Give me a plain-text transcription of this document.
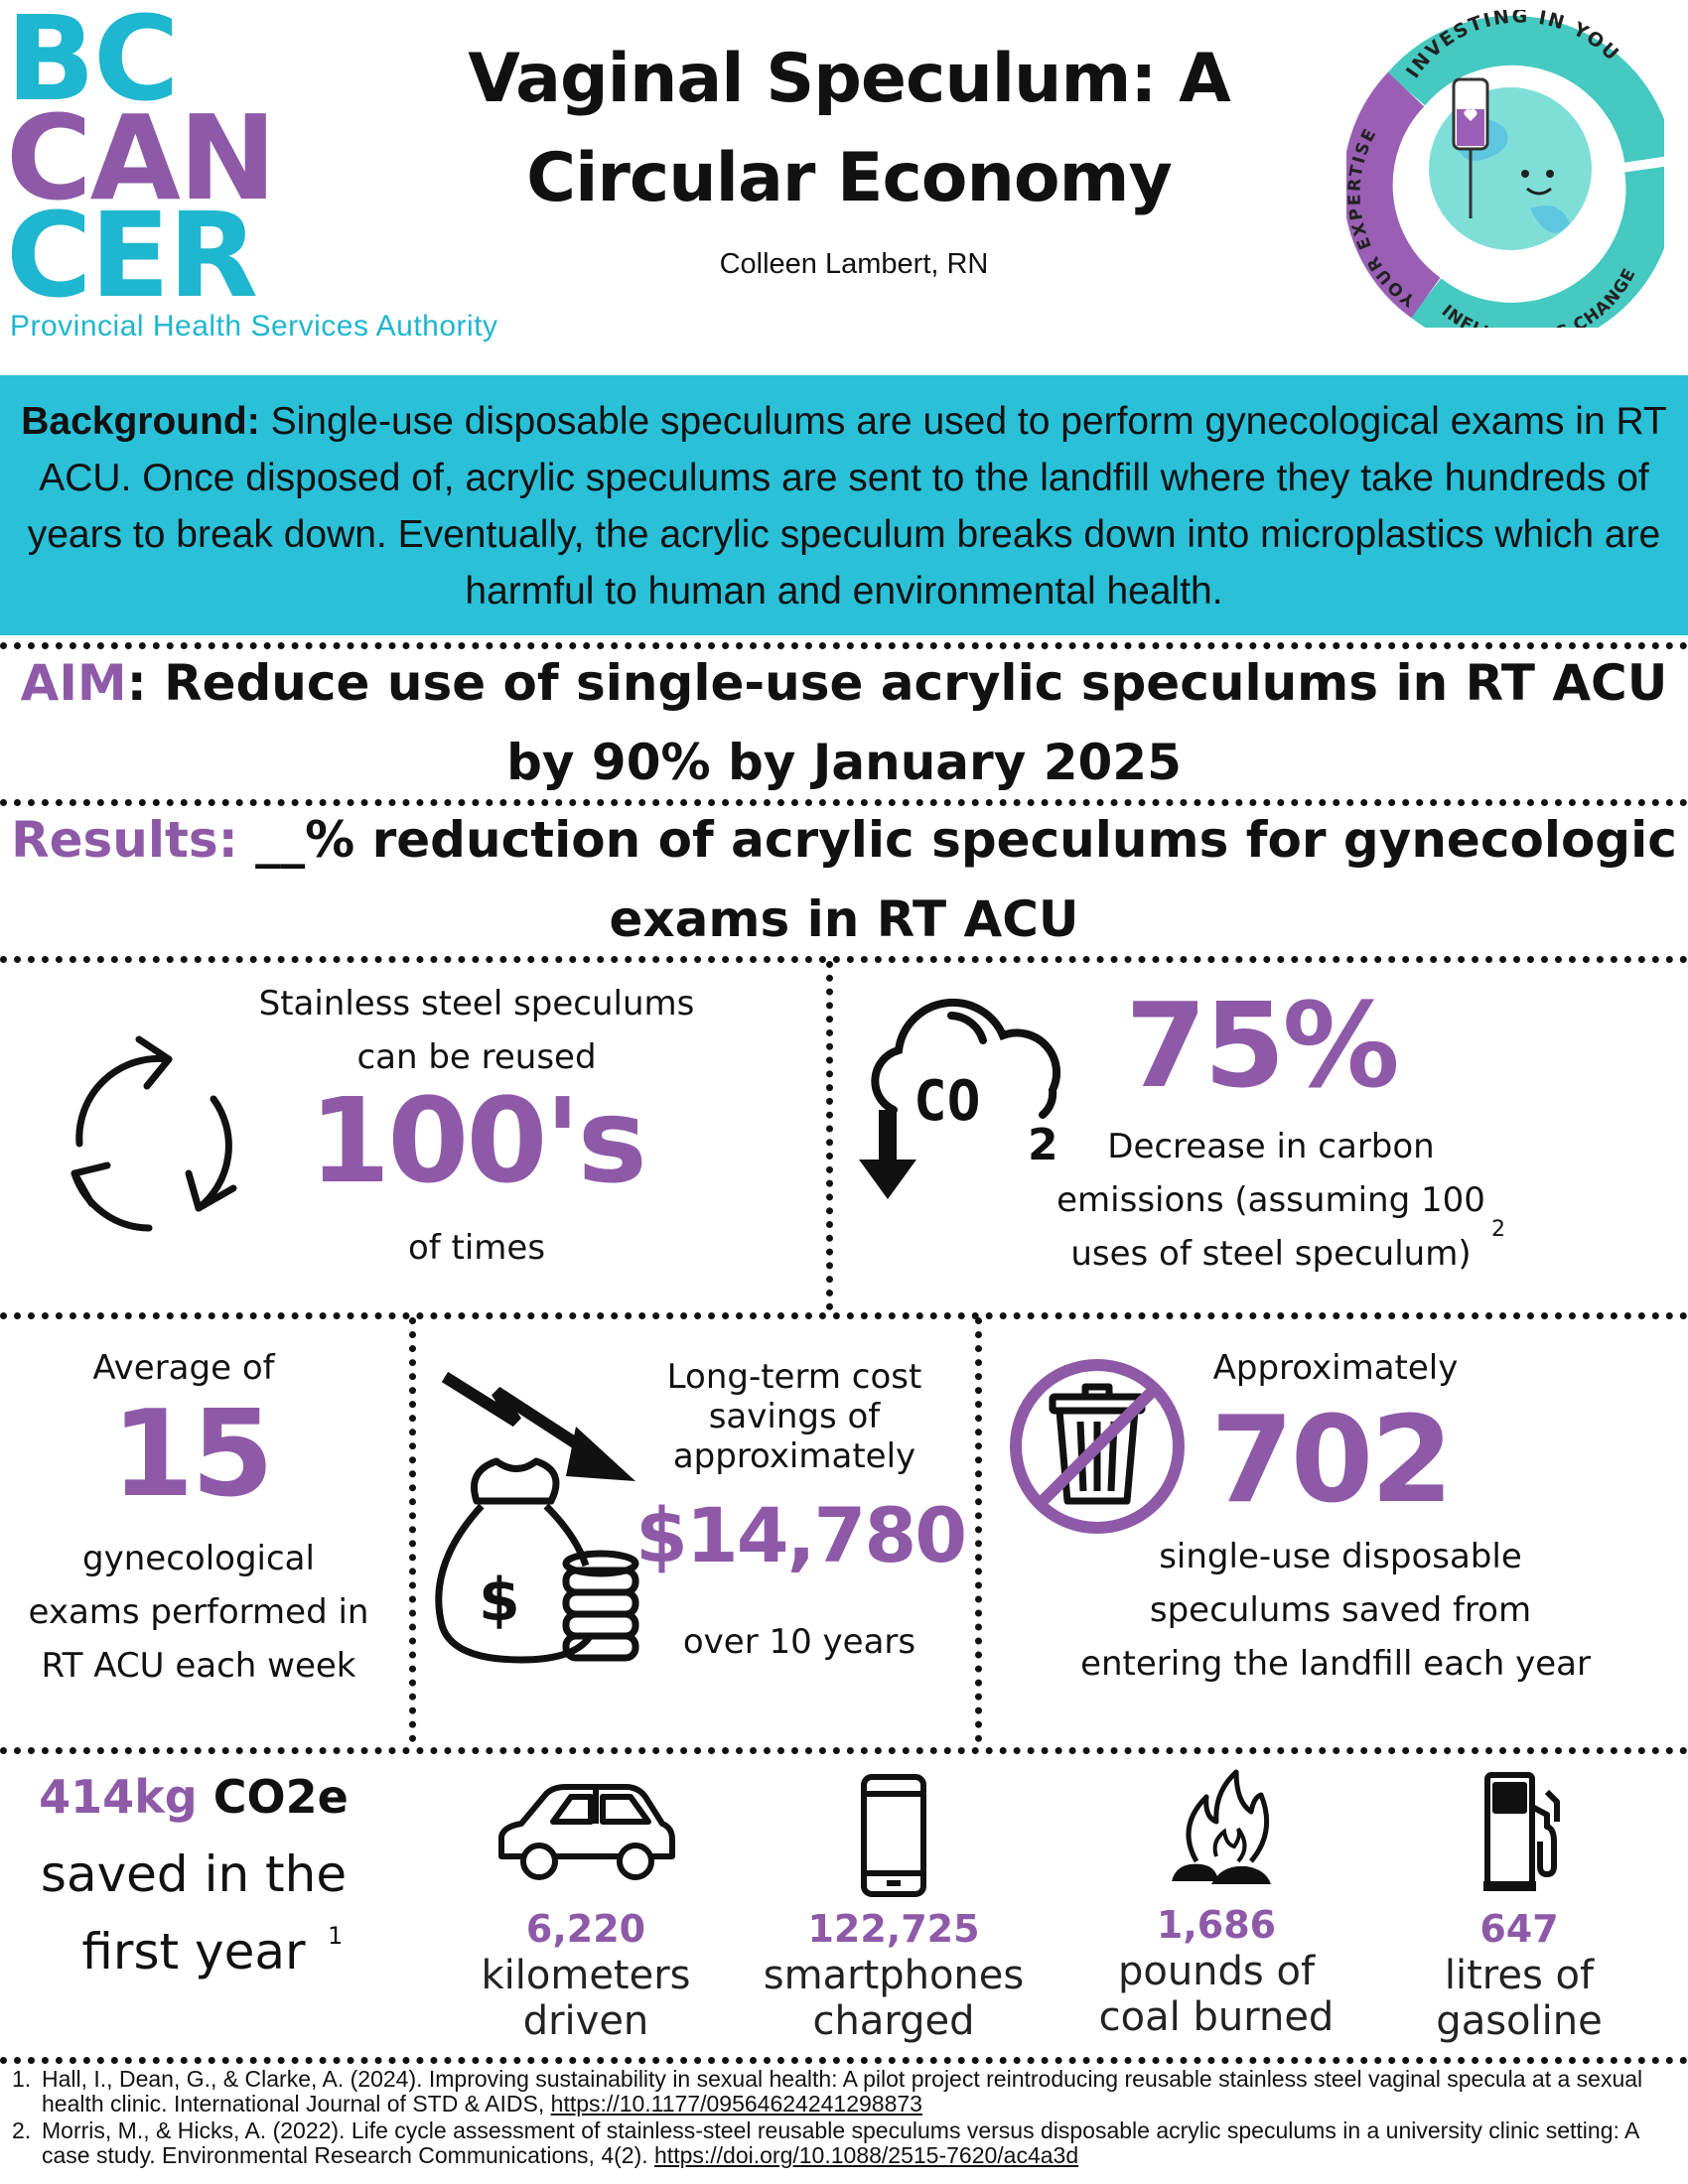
BC
CAN
CER
Provincial Health Services Authority
Vaginal Speculum: A
Circular Economy
Colleen Lambert, RN
INVESTING IN YOU
YOUR EXPERTISE
INF CHANGE
Background: Single-use disposable speculums are used to perform gynecological exams in RT ACU. Once disposed of, acrylic speculums are sent to the landfill where they take hundreds of years to break down. Eventually, the acrylic speculum breaks down into microplastics which are harmful to human and environmental health.
AIM: Reduce use of single-use acrylic speculums in RT ACU
by 90% by January 2025
Results: __% reduction of acrylic speculums for gynecologic
exams in RT ACU
Stainless steel speculums
can be reused
100's
of times
CO
2
75%
Decrease in carbon
emissions (assuming 100
uses of steel speculum)
2
Average of
15
gynecological
exams performed in
RT ACU each week
$
Long-term cost
savings of
approximately
$14,780
over 10 years
Approximately
702
single-use disposable
speculums saved from
entering the landfill each year
414kg CO2e
saved in the
first year 1	6,220
kilometers
driven
122,725
smartphones
charged
1,686
pounds of
coal burned
647
litres of
gasoline
1. Hall, I., Dean, G., & Clarke, A. (2024). Improving sustainability in sexual health: A pilot project reintroducing reusable stainless steel vaginal specula at a sexual health clinic. International Journal of STD & AIDS, https://10.1177/09564624241298873
2. Morris, M., & Hicks, A. (2022). Life cycle assessment of stainless-steel reusable speculums versus disposable acrylic speculums in a university clinic setting: A case study. Environmental Research Communications, 4(2). https://doi.org/10.1088/2515-7620/ac4a3d
